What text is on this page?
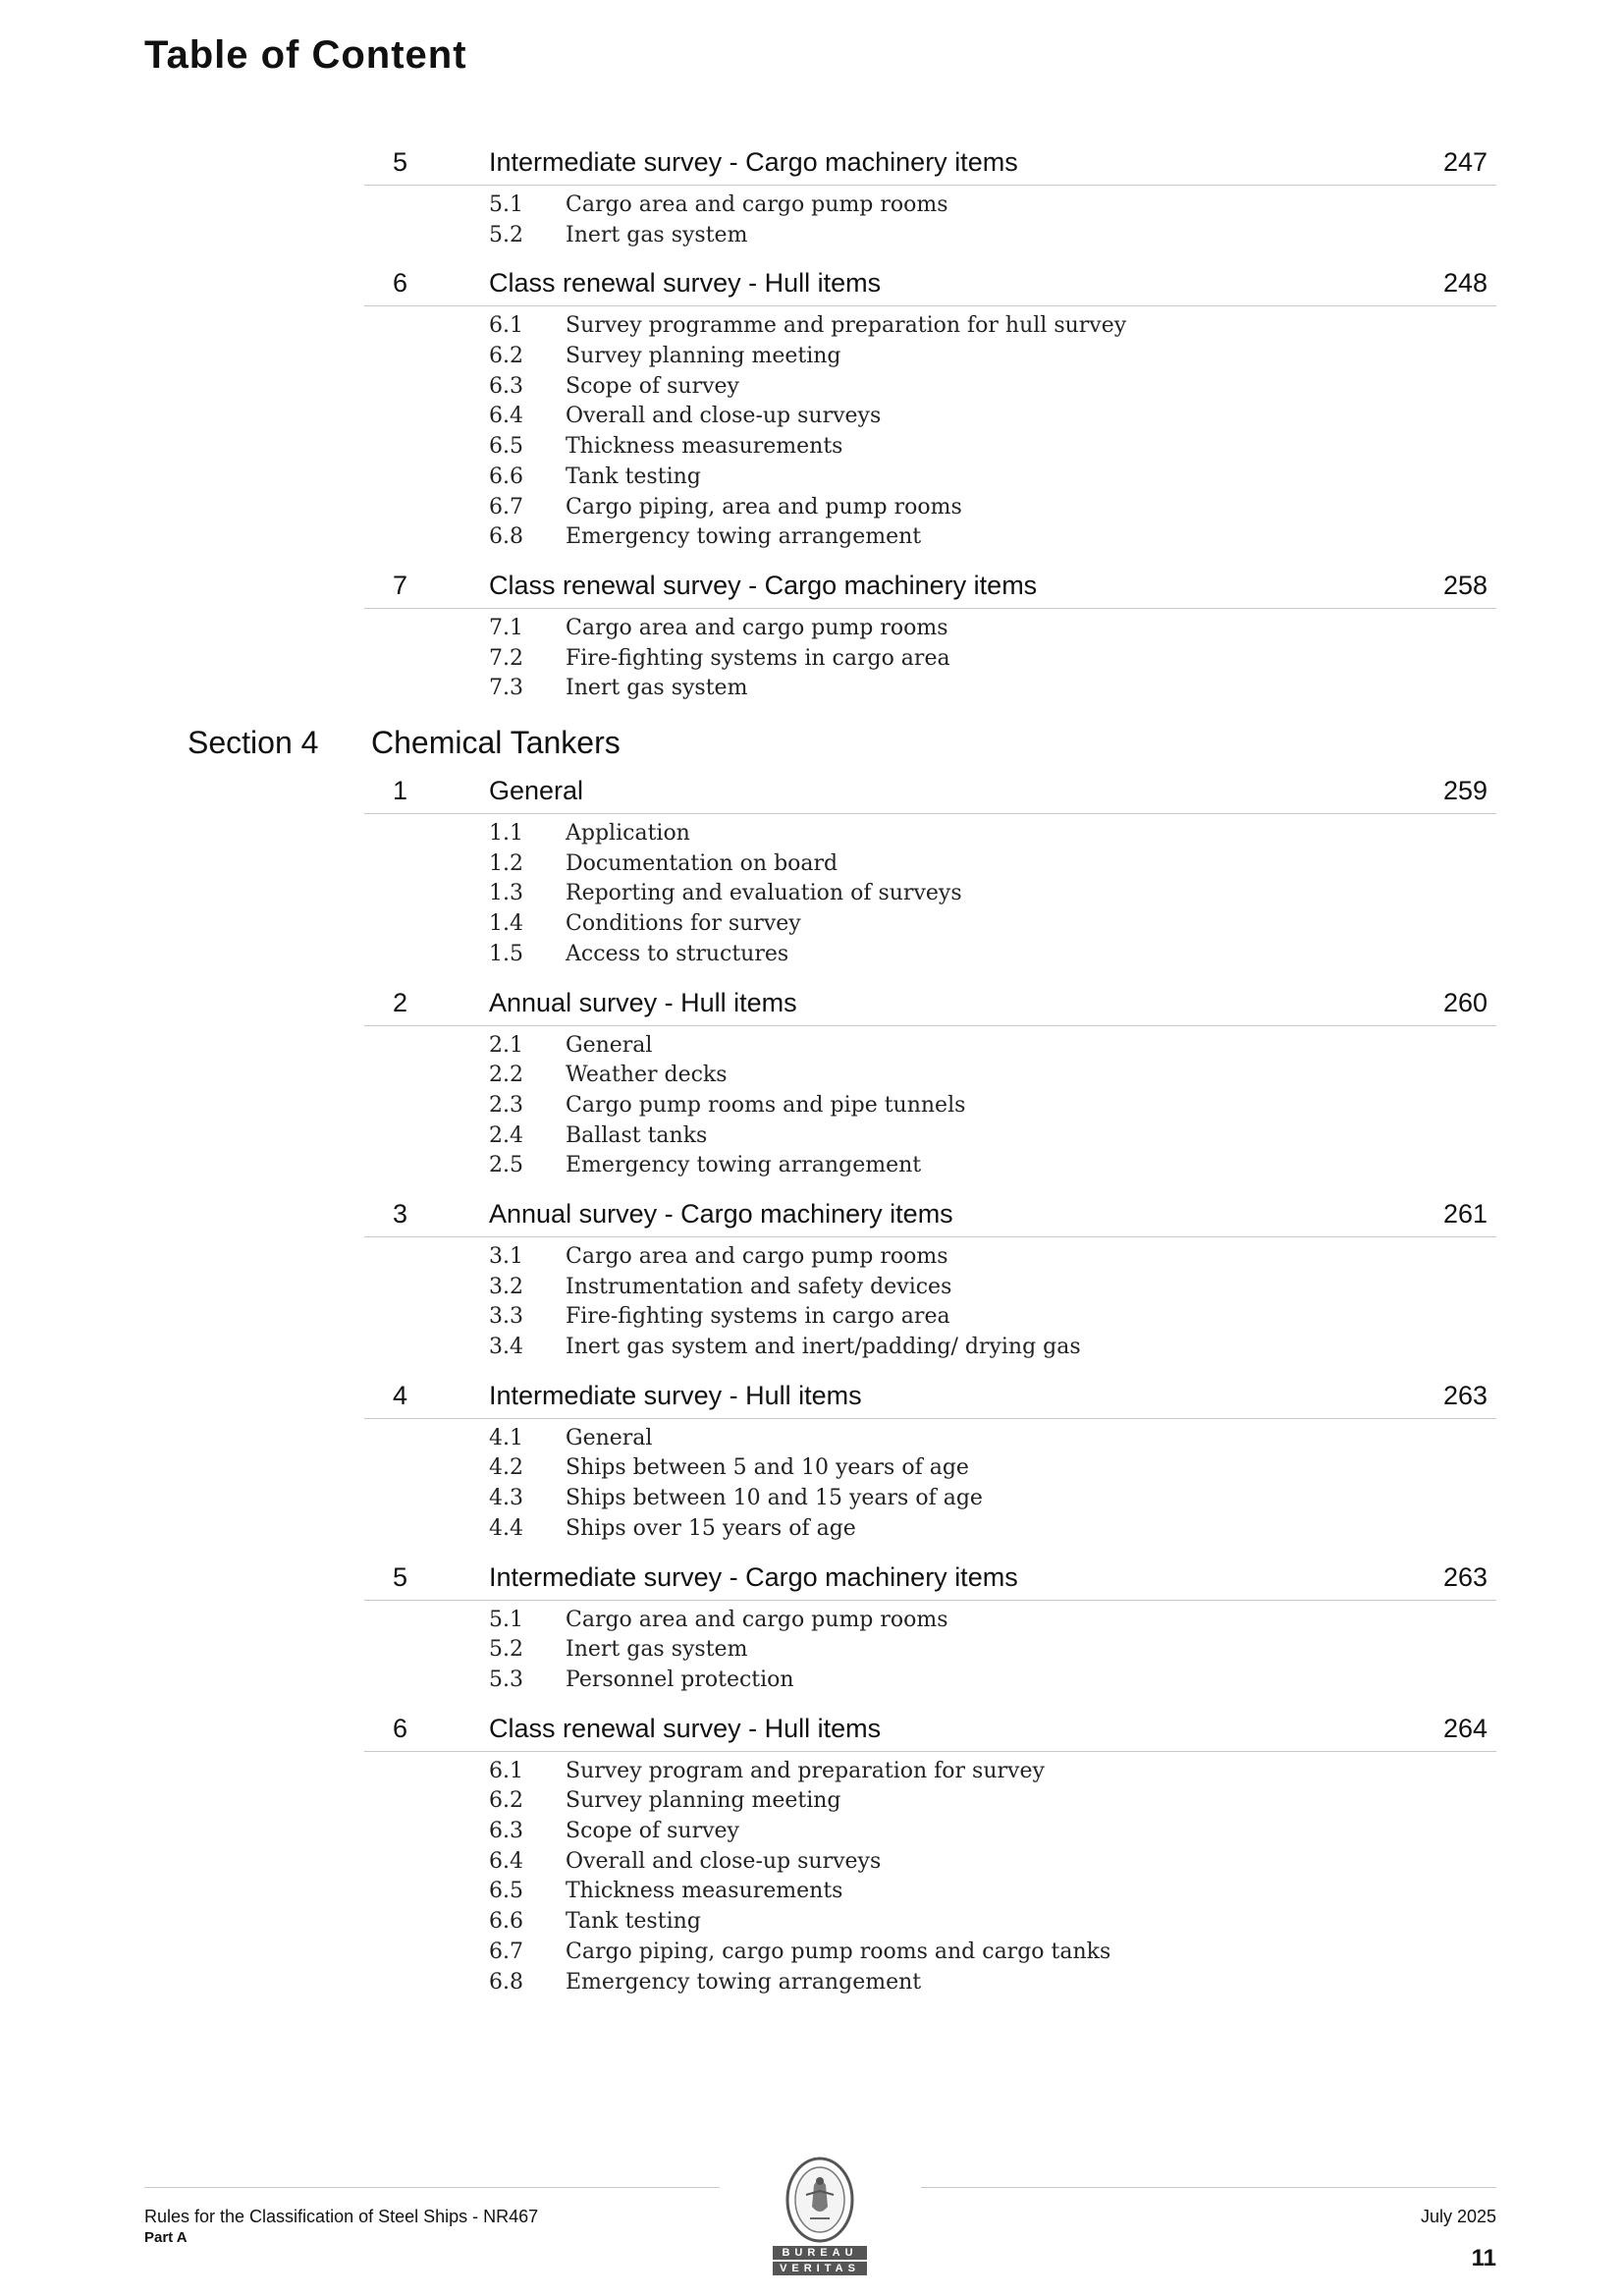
Table of Content
Section 4	Chemical Tankers
5	Intermediate survey - Cargo machinery items	247
5.1 Cargo area and cargo pump rooms
5.2 Inert gas system
6	Class renewal survey - Hull items	248
6.1 Survey programme and preparation for hull survey
6.2 Survey planning meeting
6.3 Scope of survey
6.4 Overall and close-up surveys
6.5 Thickness measurements
6.6 Tank testing
6.7 Cargo piping, area and pump rooms
6.8 Emergency towing arrangement
7	Class renewal survey - Cargo machinery items	258
7.1 Cargo area and cargo pump rooms
7.2 Fire-fighting systems in cargo area
7.3 Inert gas system
1	General	259
1.1 Application
1.2 Documentation on board
1.3 Reporting and evaluation of surveys
1.4 Conditions for survey
1.5 Access to structures
2	Annual survey - Hull items	260
2.1 General
2.2 Weather decks
2.3 Cargo pump rooms and pipe tunnels
2.4 Ballast tanks
2.5 Emergency towing arrangement
3	Annual survey - Cargo machinery items	261
3.1 Cargo area and cargo pump rooms
3.2 Instrumentation and safety devices
3.3 Fire-fighting systems in cargo area
3.4 Inert gas system and inert/padding/ drying gas
4	Intermediate survey - Hull items	263
4.1 General
4.2 Ships between 5 and 10 years of age
4.3 Ships between 10 and 15 years of age
4.4 Ships over 15 years of age
5	Intermediate survey - Cargo machinery items	263
5.1 Cargo area and cargo pump rooms
5.2 Inert gas system
5.3 Personnel protection
6	Class renewal survey - Hull items	264
6.1 Survey program and preparation for survey
6.2 Survey planning meeting
6.3 Scope of survey
6.4 Overall and close-up surveys
6.5 Thickness measurements
6.6 Tank testing
6.7 Cargo piping, cargo pump rooms and cargo tanks
6.8 Emergency towing arrangement
Rules for the Classification of Steel Ships - NR467
Part A
July 2025
11
BUREAU
VERITAS
